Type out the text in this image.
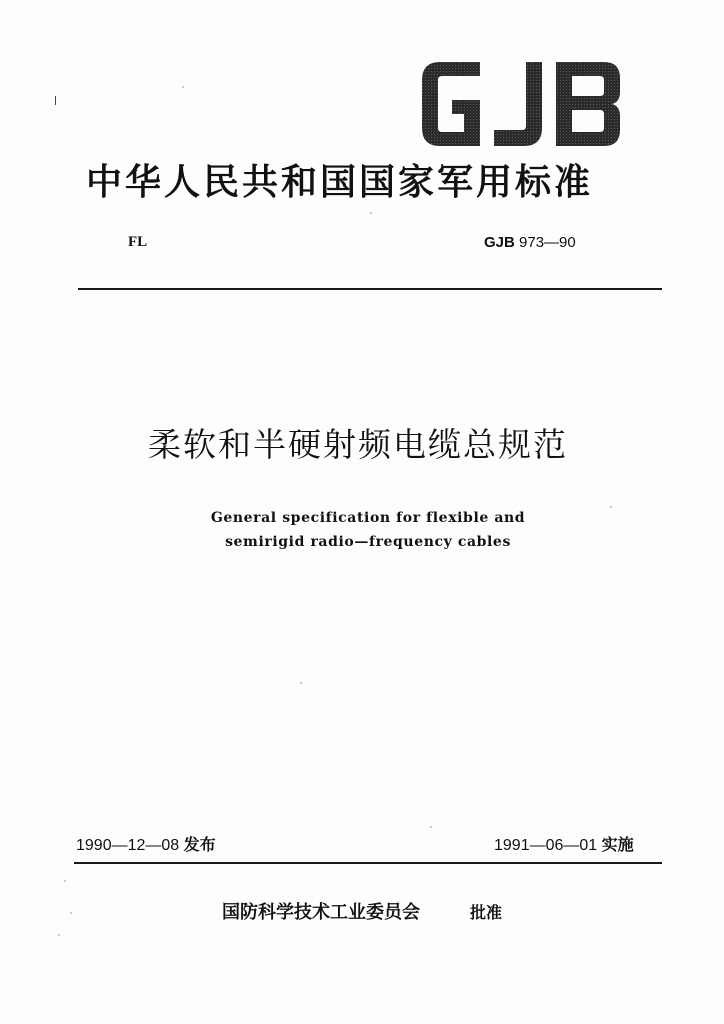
中华人民共和国国家军用标准
FL	GJB 973—90
柔软和半硬射频电缆总规范
General specification for flexible and
semirigid radio—frequency cables
1990—12—08 发布	1991—06—01 实施
国防科学技术工业委员会	批准
